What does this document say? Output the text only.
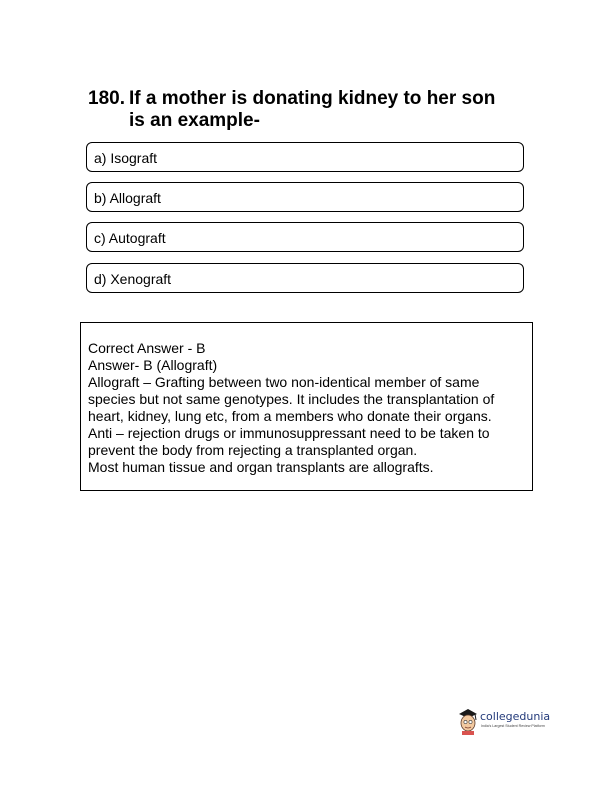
180. If a mother is donating kidney to her son
is an example-
a) Isograft
b) Allograft
c) Autograft
d) Xenograft
Correct Answer - B
Answer- B (Allograft)
Allograft – Grafting between two non-identical member of same
species but not same genotypes. It includes the transplantation of
heart, kidney, lung etc, from a members who donate their organs.
Anti – rejection drugs or immunosuppressant need to be taken to
prevent the body from rejecting a transplanted organ.
Most human tissue and organ transplants are allografts.
collegedunia
India's Largest Student Review Platform
